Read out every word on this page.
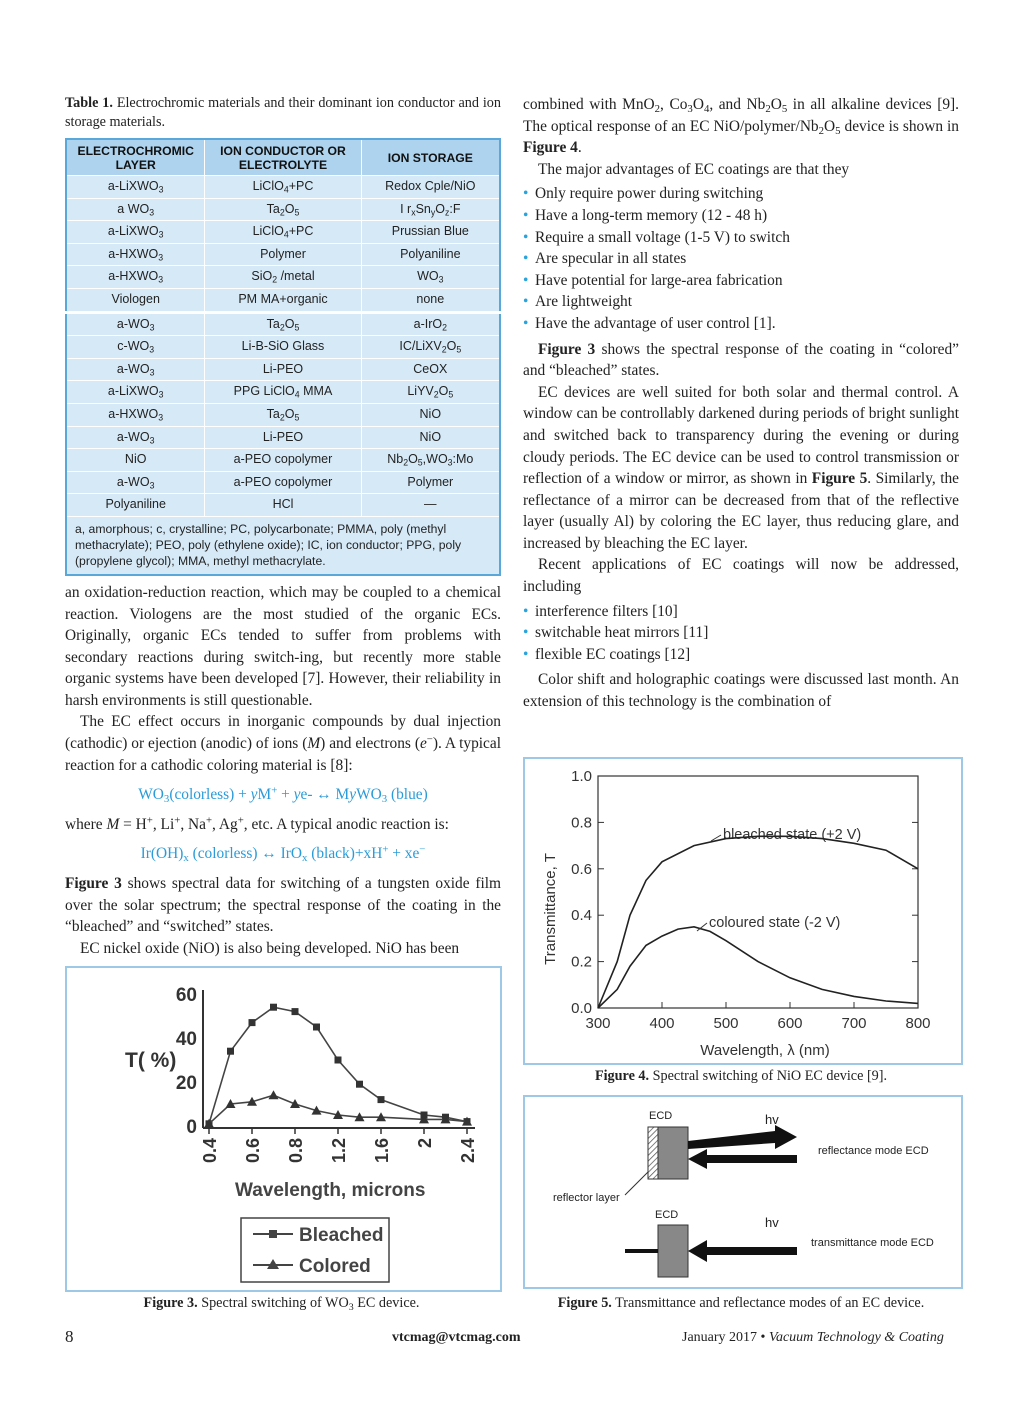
Table 1. Electrochromic materials and their dominant ion conductor and ion storage materials.

ELECTROCHROMIC LAYER	ION CONDUCTOR OR ELECTROLYTE	ION STORAGE
a-LiXWO$_3$	LiClO$_4$+PC	Redox Cple/NiO
a $WO_3$	$Ta_2O_5$	I $r_xSn_yO_z:F$
a-LiXWO$_3$	LiClO$_4$+PC	Prussian Blue
$a-HXWO_3$	Polymer	Polyaniline
$a-HXWO_3$	SiO$_2$ /metal	$WO_3$
Viologen	PM MA+organic	none
$a-WO_3$	$Ta_2O_5$	a-IrO$_2$
$c-WO_3$	Li-B-SiO Glass	$IC/LiXV_2O_5$
$a-WO_3$	Li-PEO	CeOX
a-LiXWO$_3$	PPG LiClO$_4$ MMA	$LiYV_2O_5$
$a-HXWO_3$	$Ta_2O_5$	NiO
$a-WO_3$	Li-PEO	NiO
NiO	a-PEO copolymer	$Nb_2O_5,WO_3:Mo$
$a-WO_3$	a-PEO copolymer	Polymer
Polyaniline	HCl	—
a, amorphous; c, crystalline; PC, polycarbonate; PMMA, poly (methyl methacrylate); PEO, poly (ethylene oxide); IC, ion conductor; PPG, poly (propylene glycol); MMA, methyl methacrylate.		

an oxidation-reduction reaction, which may be coupled to a chemical reaction. Viologens are the most studied of the organic ECs. Originally, organic ECs tended to suffer from problems with secondary reactions during switch-ing, but recently more stable organic systems have been developed [7]. However, their reliability in harsh environments is still questionable.

The EC effect occurs in inorganic compounds by dual injection (cathodic) or ejection (anodic) of ions (M) and electrons (e−). A typical reaction for a cathodic coloring material is [8]:

$WO_3(colorless) + yM^+ + ye-$ ↔ MyWO$_3$ (blue)

where M = H+, Li+, Na+, Ag+, etc. A typical anodic reaction is:

$Ir(OH)_x$ (colorless) ↔ IrO$_x$ (black)+xH+ + xe−

Figure 3 shows spectral data for switching of a tungsten oxide film over the solar spectrum; the spectral response of the coating in the “bleached” and “switched” states.

EC nickel oxide (NiO) is also being developed. NiO has been

combined with MnO$_2$, $Co_3O_4$, and $Nb_2O_5$ in all alkaline devices [9]. The optical response of an EC NiO/$polymer/Nb_2O_5$ device is shown in Figure 4.

The major advantages of EC coatings are that they

• Only require power during switching
• Have a long-term memory (12 - 48 h)
• Require a small voltage (1-5 V) to switch
• Are specular in all states
• Have potential for large-area fabrication
• Are lightweight
• Have the advantage of user control [1].

Figure 3 shows the spectral response of the coating in “colored” and “bleached” states.

EC devices are well suited for both solar and thermal control. A window can be controllably darkened during periods of bright sunlight and switched back to transparency during the evening or during cloudy periods. The EC device can be used to control transmission or reflection of a window or mirror, as shown in Figure 5. Similarly, the reflectance of a mirror can be decreased from that of the reflective layer (usually Al) by coloring the EC layer, thus reducing glare, and increased by bleaching the EC layer.

Recent applications of EC coatings will now be addressed, including

• interference filters [10]
• switchable heat mirrors [11]
• flexible EC coatings [12]

Color shift and holographic coatings were discussed last month. An extension of this technology is the combination of

T( %)
Wavelength, microns
Bleached
Colored
0
20
40
60
0.4 0.6 0.8 1.2 1.6 2 2.4
Figure 3. Spectral switching of $WO_3$ EC device.
Transmittance, T
Wavelength, λ (nm)
bleached state (+2 V)
coloured state (-2 V)
0.0
0.2
0.4
0.6
0.8
1.0
300	400	500	600	700	800
Figure 4. Spectral switching of NiO EC device [9].
ECD	hv
reflectance mode ECD
reflector layer
ECD	hv
transmittance mode ECD
Figure 5. Transmittance and reflectance modes of an EC device.
8	vtcmag@vtcmag.com	January 2017 • Vacuum Technology & Coating
